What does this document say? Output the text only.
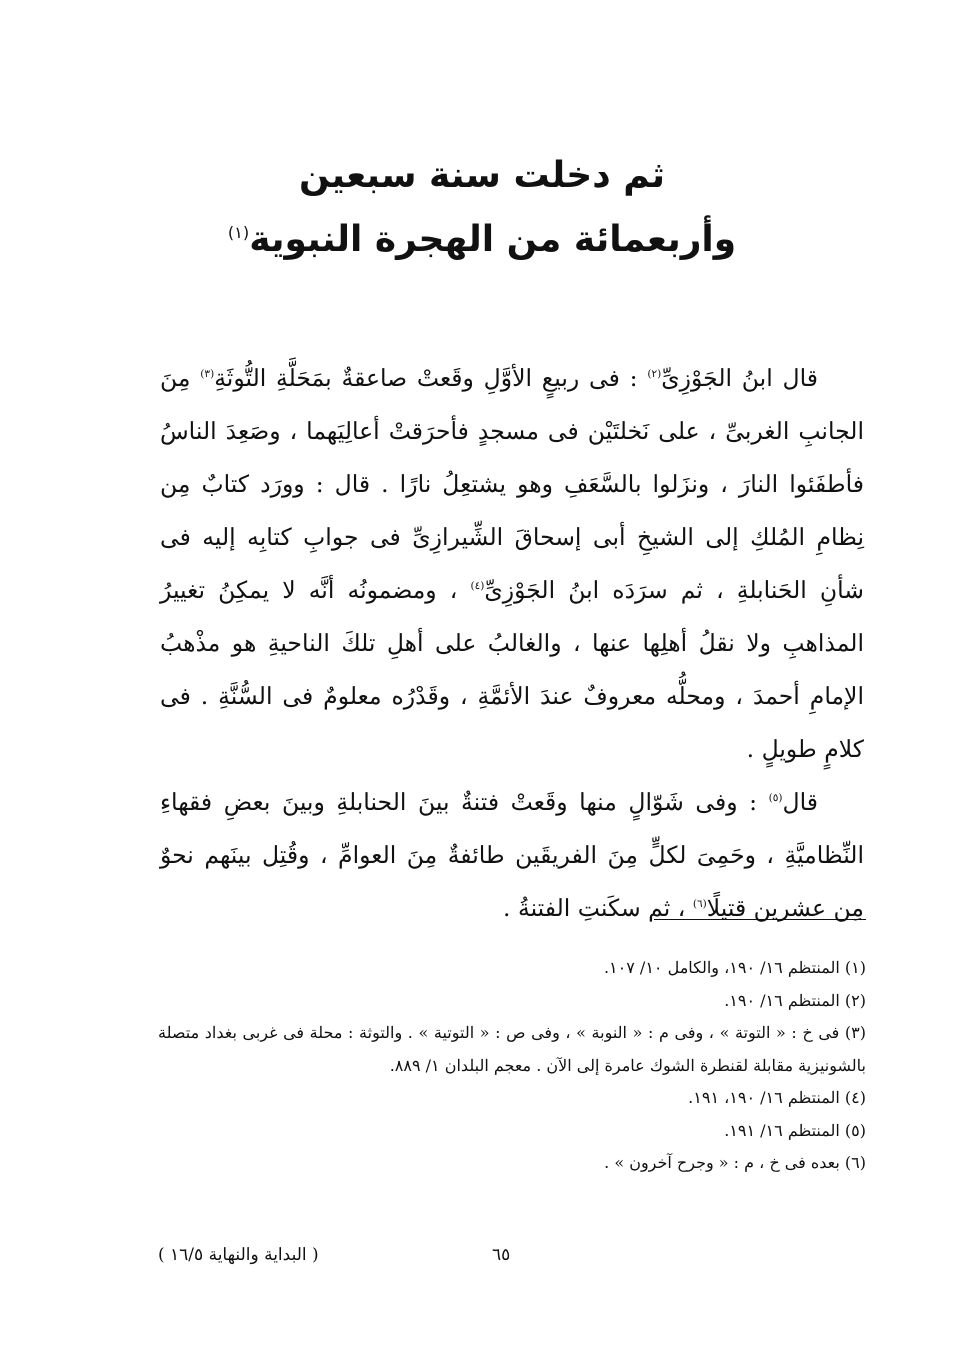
ثم دخلت سنة سبعين
وأربعمائة من الهجرة النبوية$^{(١)}$

قال ابنُ الجَوْزِىِّ$^{(٢)}$ : فى ربيعٍ الأوَّلِ وقَعتْ صاعقةٌ بمَحَلَّةِ التُّوثَةِ$^{(٣)}$ مِنَ الجانبِ الغربىِّ ، على نَخلتَيْن فى مسجدٍ فأحرَقتْ أعالِيَهما ، وصَعِدَ الناسُ فأطفَئوا النارَ ، ونزَلوا بالسَّعَفِ وهو يشتعِلُ نارًا . قال : وورَد كتابٌ مِن نِظامِ المُلكِ إلى الشيخِ أبى إسحاقَ الشِّيرازِىِّ فى جوابِ كتابِه إليه فى شأنِ الحَنابلةِ ، ثم سرَدَه ابنُ الجَوْزِىِّ$^{(٤)}$ ، ومضمونُه أنَّه لا يمكِنُ تغييرُ المذاهبِ ولا نقلُ أهلِها عنها ، والغالبُ على أهلِ تلكَ الناحيةِ هو مذْهبُ الإمامِ أحمدَ ، ومحلُّه معروفٌ عندَ الأئمَّةِ ، وقَدْرُه معلومٌ فى السُّنَّةِ . فى كلامٍ طويلٍ .

قال$^{(٥)}$ : وفى شَوّالٍ منها وقَعتْ فتنةٌ بينَ الحنابلةِ وبينَ بعضِ فقهاءِ النِّظاميَّةِ ، وحَمِىَ لكلٍّ مِنَ الفريقَين طائفةٌ مِنَ العوامِّ ، وقُتِل بينَهم نحوٌ مِن عشرين قتيلًا$^{(٦)}$ ، ثم سكَنتِ الفتنةُ .

(١) المنتظم ١٦/ ١٩٠، والكامل ١٠/ ١٠٧.
(٢) المنتظم ١٦/ ١٩٠.
(٣) فى خ : « التوتة » ، وفى م : « النوبة » ، وفى ص : « التوتية » . والتوثة : محلة فى غربى بغداد متصلة بالشونيزية مقابلة لقنطرة الشوك عامرة إلى الآن . معجم البلدان ١/ ٨٨٩.
(٤) المنتظم ١٦/ ١٩٠، ١٩١.
(٥) المنتظم ١٦/ ١٩١.
(٦) بعده فى خ ، م : « وجرح آخرون » .
٦٥
( البداية والنهاية ١٦/٥ )
